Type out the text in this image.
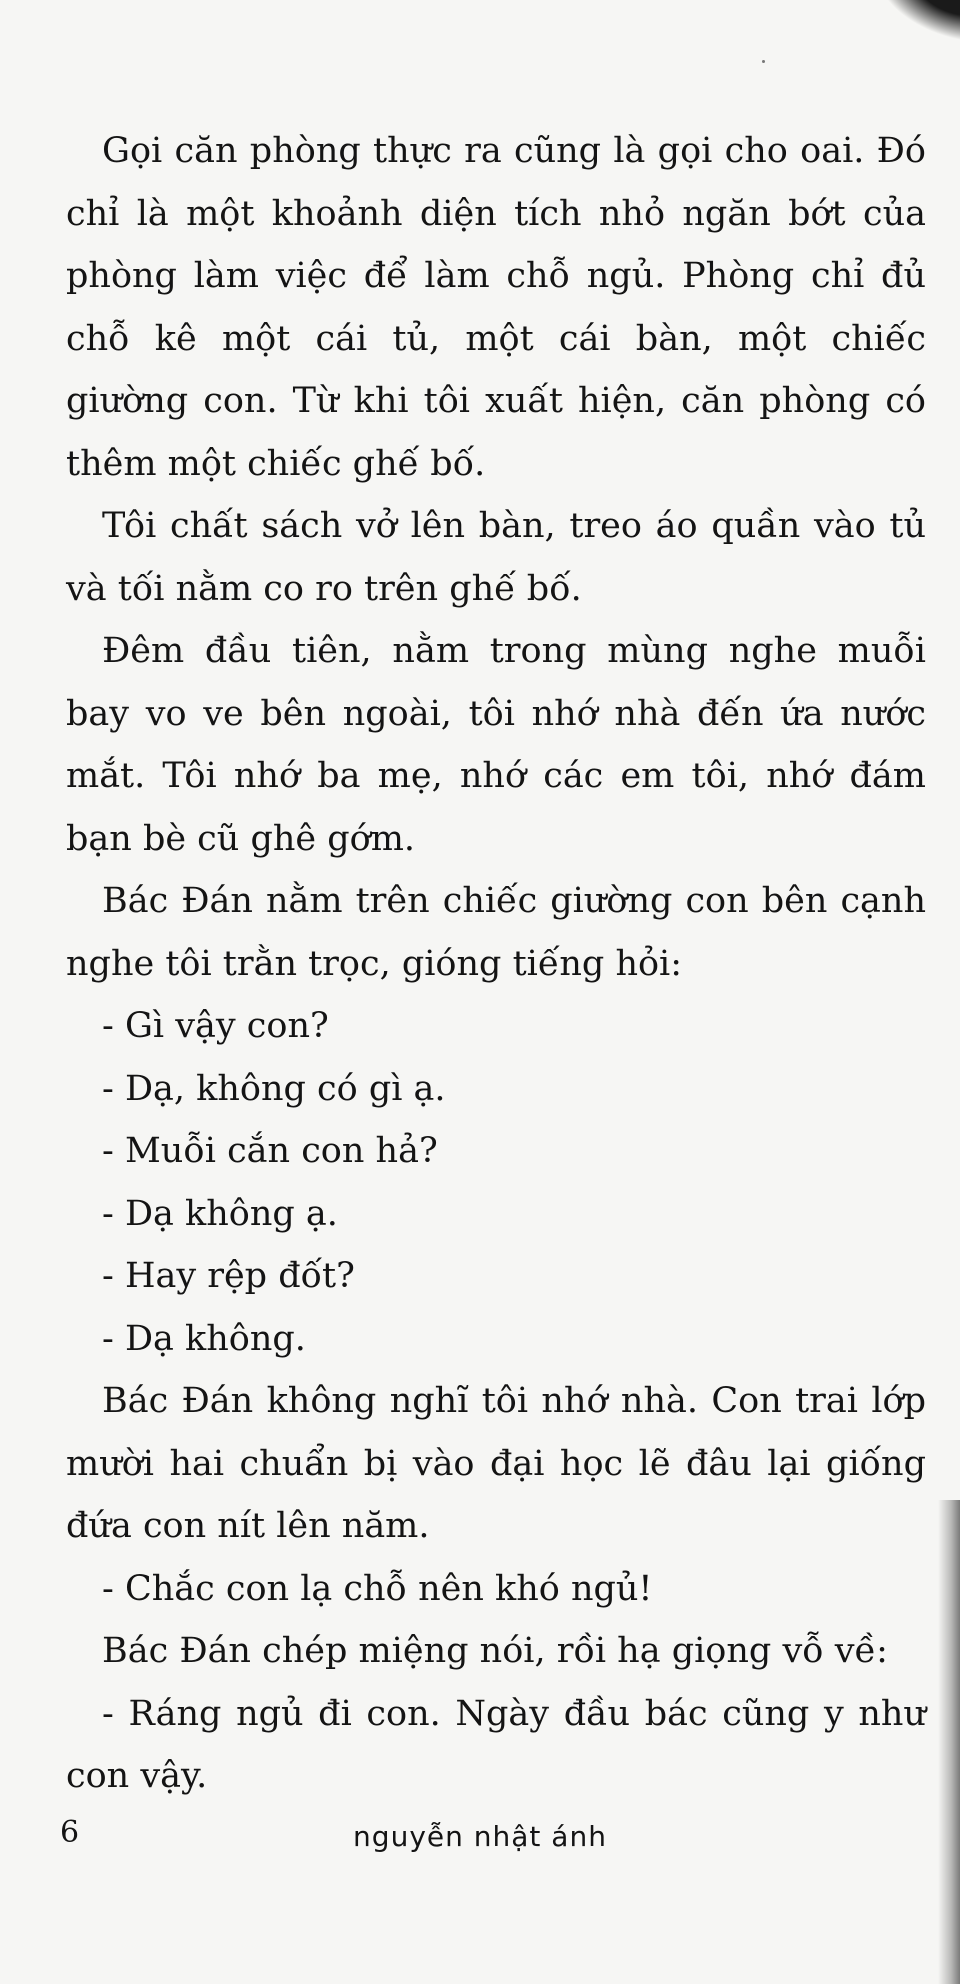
Gọi căn phòng thực ra cũng là gọi cho oai. Đó chỉ là một khoảnh diện tích nhỏ ngăn bớt của phòng làm việc để làm chỗ ngủ. Phòng chỉ đủ chỗ kê một cái tủ, một cái bàn, một chiếc giường con. Từ khi tôi xuất hiện, căn phòng có thêm một chiếc ghế bố.

Tôi chất sách vở lên bàn, treo áo quần vào tủ và tối nằm co ro trên ghế bố.

Đêm đầu tiên, nằm trong mùng nghe muỗi bay vo ve bên ngoài, tôi nhớ nhà đến ứa nước mắt. Tôi nhớ ba mẹ, nhớ các em tôi, nhớ đám bạn bè cũ ghê gớm.

Bác Đán nằm trên chiếc giường con bên cạnh nghe tôi trằn trọc, gióng tiếng hỏi:

- Gì vậy con?

- Dạ, không có gì ạ.

- Muỗi cắn con hả?

- Dạ không ạ.

- Hay rệp đốt?

- Dạ không.

Bác Đán không nghĩ tôi nhớ nhà. Con trai lớp mười hai chuẩn bị vào đại học lẽ đâu lại giống đứa con nít lên năm.

- Chắc con lạ chỗ nên khó ngủ!

Bác Đán chép miệng nói, rồi hạ giọng vỗ về:

- Ráng ngủ đi con. Ngày đầu bác cũng y như con vậy.

6	nguyễn nhật ánh
